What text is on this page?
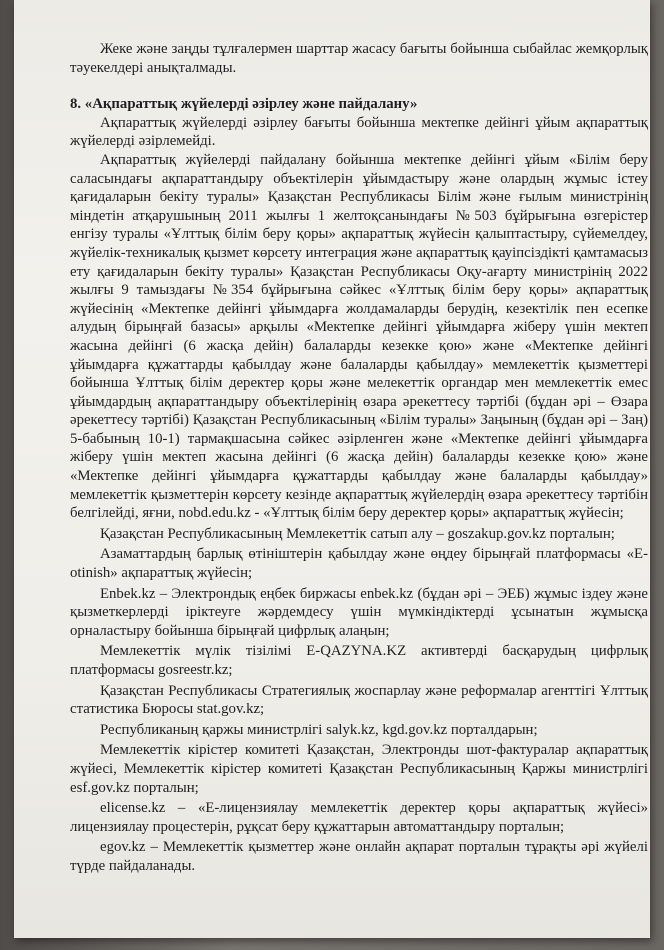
Жеке және заңды тұлғалермен шарттар жасасу бағыты бойынша сыбайлас жемқорлық тәуекелдері анықталмады.

8. «Ақпараттық жүйелерді әзірлеу және пайдалану»

Ақпараттық жүйелерді әзірлеу бағыты бойынша мектепке дейінгі ұйым ақпараттық жүйелерді әзірлемейді.

Ақпараттық жүйелерді пайдалану бойынша мектепке дейінгі ұйым «Білім беру саласындағы ақпараттандыру объектілерін ұйымдастыру және олардың жұмыс істеу қағидаларын бекіту туралы» Қазақстан Республикасы Білім және ғылым министрінің міндетін атқарушының 2011 жылғы 1 желтоқсанындағы №503 бұйрығына өзгерістер енгізу туралы «Ұлттық білім беру қоры» ақпараттық жүйесін қалыптастыру, сүйемелдеу, жүйелік-техникалық қызмет көрсету интеграция және ақпараттық қауіпсіздікті қамтамасыз ету қағидаларын бекіту туралы» Қазақстан Республикасы Оқу-ағарту министрінің 2022 жылғы 9 тамыздағы №354 бұйрығына сәйкес «Ұлттық білім беру қоры» ақпараттық жүйесінің «Мектепке дейінгі ұйымдарға жолдамаларды берудің, кезектілік пен есепке алудың бірыңғай базасы» арқылы «Мектепке дейінгі ұйымдарға жіберу үшін мектеп жасына дейінгі (6 жасқа дейін) балаларды кезекке қою» және «Мектепке дейінгі ұйымдарға құжаттарды қабылдау және балаларды қабылдау» мемлекеттік қызметтері бойынша Ұлттық білім деректер қоры және мелекеттік органдар мен мемлекеттік емес ұйымдардың ақпараттандыру объектілерінің өзара әрекеттесу тәртібі (бұдан әрі – Өзара әрекеттесу тәртібі) Қазақстан Республикасының «Білім туралы» Заңының (бұдан әрі – Заң) 5-бабының 10-1) тармақшасына сәйкес әзірленген және «Мектепке дейінгі ұйымдарға жіберу үшін мектеп жасына дейінгі (6 жасқа дейін) балаларды кезекке қою» және «Мектепке дейінгі ұйымдарға құжаттарды қабылдау және балаларды қабылдау» мемлекеттік қызметтерін көрсету кезінде ақпараттық жүйелердің өзара әрекеттесу тәртібін белгілейді, яғни, nobd.edu.kz - «Ұлттық білім беру деректер қоры» ақпараттық жүйесін;

Қазақстан Республикасының Мемлекеттік сатып алу – goszakup.gov.kz порталын;

Азаматтардың барлық өтініштерін қабылдау және өңдеу бірыңғай платформасы «E-otinish» ақпараттық жүйесін;

Enbek.kz – Электрондық еңбек биржасы enbek.kz (бұдан әрі – ЭЕБ) жұмыс іздеу және қызметкерлерді іріктеуге жәрдемдесу үшін мүмкіндіктерді ұсынатын жұмысқа орналастыру бойынша бірыңғай цифрлық алаңын;

Мемлекеттік мүлік тізілімі E-QAZYNA.KZ активтерді басқарудың цифрлық платформасы gosreestr.kz;

Қазақстан Республикасы Стратегиялық жоспарлау және реформалар агенттігі Ұлттық статистика Бюросы stat.gov.kz;

Республиканың қаржы министрлігі salyk.kz, kgd.gov.kz порталдарын;

Мемлекеттік кірістер комитеті Қазақстан, Электронды шот-фактуралар ақпараттық жүйесі, Мемлекеттік кірістер комитеті Қазақстан Республикасының Қаржы министрлігі esf.gov.kz порталын;

elicense.kz – «Е-лицензиялау мемлекеттік деректер қоры ақпараттық жүйесі» лицензиялау процестерін, рұқсат беру құжаттарын автоматтандыру порталын;

egov.kz – Мемлекеттік қызметтер және онлайн ақпарат порталын тұрақты әрі жүйелі түрде пайдаланады.
